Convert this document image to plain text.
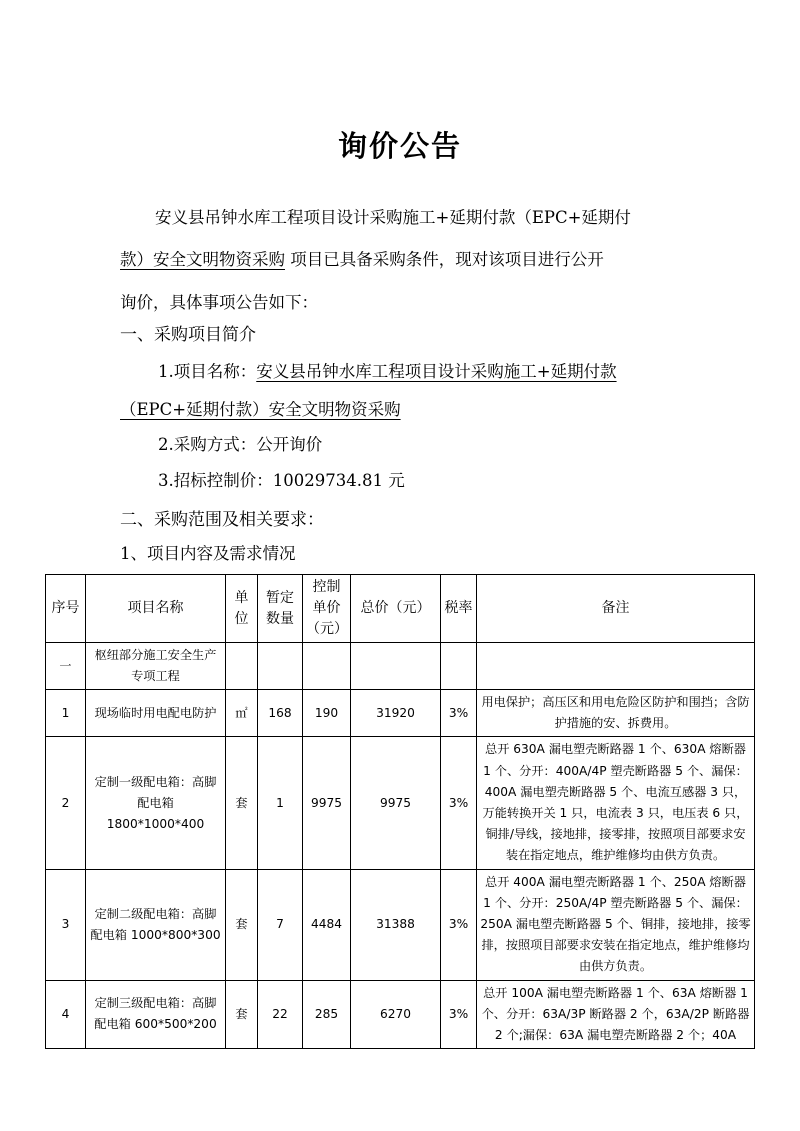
询价公告
安义县吊钟水库工程项目设计采购施工+延期付款（EPC+延期付
款）安全文明物资采购 项目已具备采购条件，现对该项目进行公开
询价，具体事项公告如下：
一、采购项目简介
1.项目名称：安义县吊钟水库工程项目设计采购施工+延期付款
（EPC+延期付款）安全文明物资采购
2.采购方式：公开询价
3.招标控制价：10029734.81 元
二、采购范围及相关要求：
1、项目内容及需求情况
序号	项目名称	单位	暂定数量	控制单价（元）	总价（元）	税率	备注
一	枢纽部分施工安全生产专项工程						
1	现场临时用电配电防护	㎡	168	190	31920	3%	用电保护；高压区和用电危险区防护和围挡；含防护措施的安、拆费用。
2	定制一级配电箱：高脚配电箱 1800*1000*400	套	1	9975	9975	3%	总开 630A 漏电塑壳断路器 1 个、630A 熔断器 1 个、分开：400A/4P 塑壳断路器 5 个、漏保：400A 漏电塑壳断路器 5 个、电流互感器 3 只，万能转换开关 1 只，电流表 3 只，电压表 6 只，铜排/导线，接地排，接零排，按照项目部要求安装在指定地点，维护维修均由供方负责。
3	定制二级配电箱：高脚配电箱 1000*800*300	套	7	4484	31388	3%	总开 400A 漏电塑壳断路器 1 个、250A 熔断器 1 个、分开：250A/4P 塑壳断路器 5 个、漏保：250A 漏电塑壳断路器 5 个、铜排，接地排，接零排，按照项目部要求安装在指定地点，维护维修均由供方负责。
4	定制三级配电箱：高脚配电箱 600*500*200	套	22	285	6270	3%	总开 100A 漏电塑壳断路器 1 个、63A 熔断器 1 个、分开：63A/3P 断路器 2 个，63A/2P 断路器 2 个;漏保：63A 漏电塑壳断路器 2 个；40A
